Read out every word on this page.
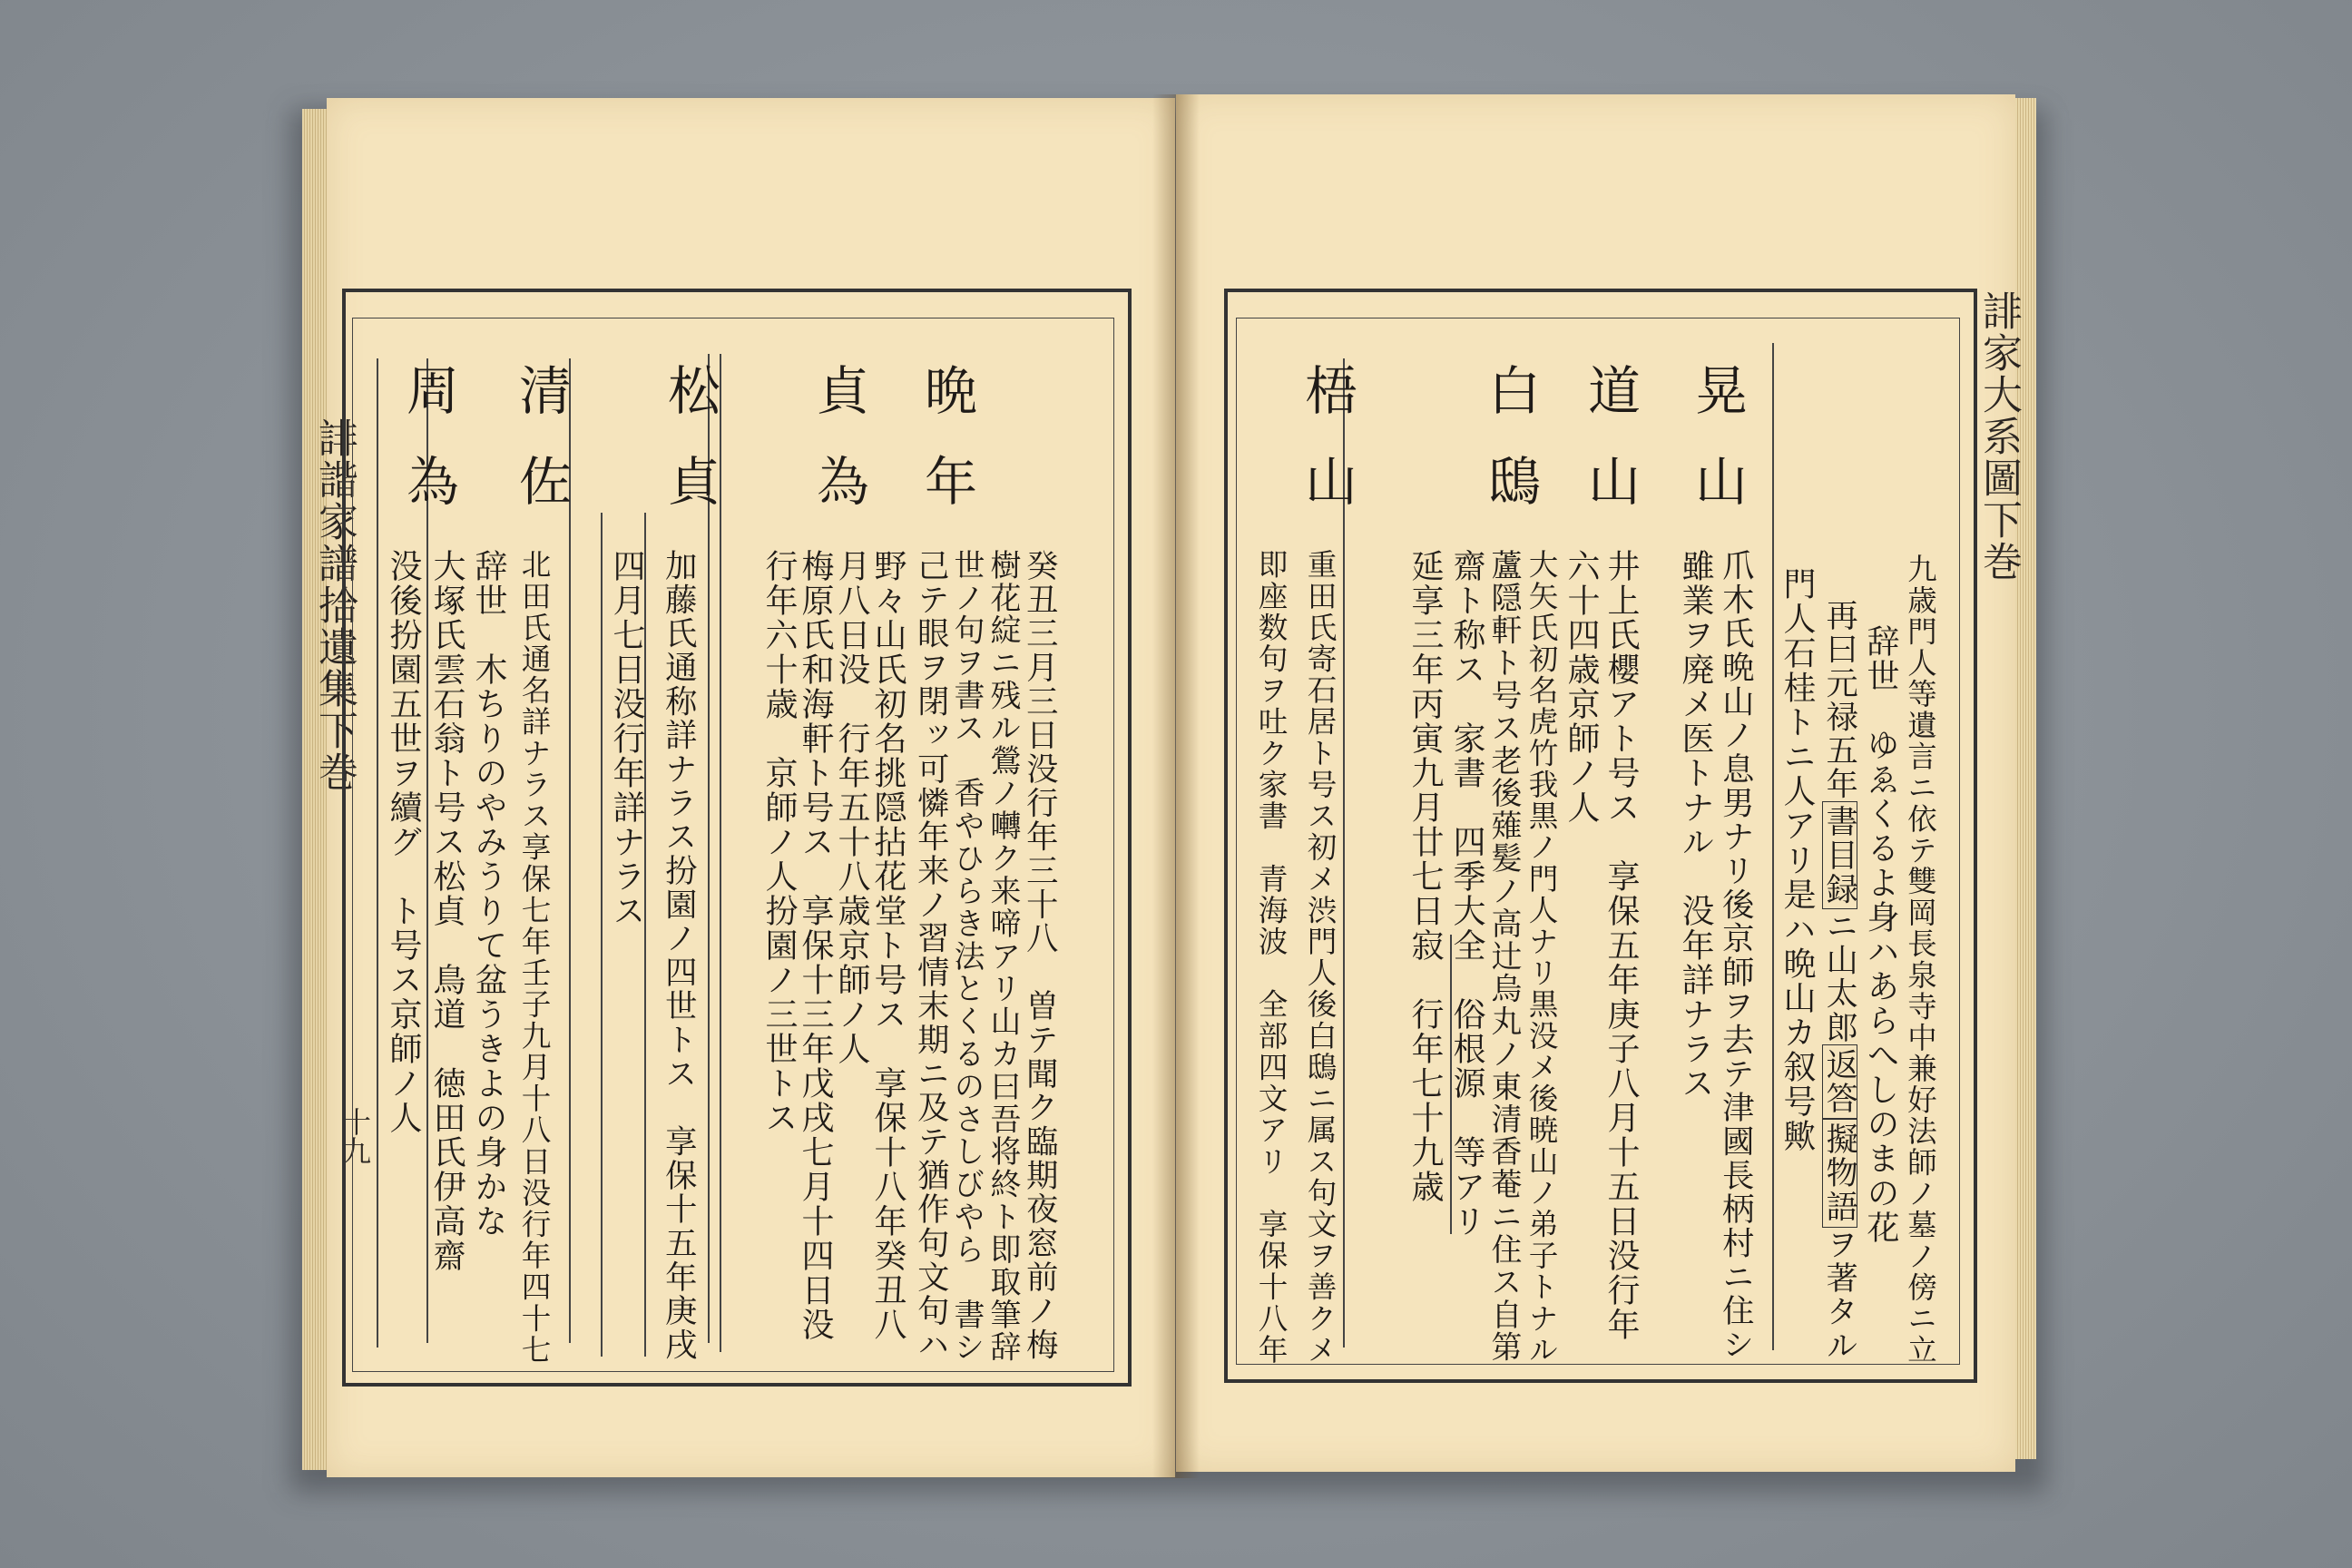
誹諧家譜拾遺集下巻	誹家大系圖下巻
十九
晩年
癸丑三月三日没行年三十八　曽テ聞ク臨期夜窓前ノ梅
樹花綻ニ残ル鶯ノ囀ク来啼アリ山カ曰吾将終ト即取筆辞
世ノ句ヲ書ス　香やひらき法とくるのさしびやら　書シ
己テ眼ヲ閉ッ可憐年来ノ習情末期ニ及テ猶作句文句ハ
貞為
野々山氏初名挑隠拈花堂ト号ス　享保十八年癸丑八
月八日没　行年五十八歳京師ノ人
梅原氏和海軒ト号ス　享保十三年戊戌七月十四日没
行年六十歳　京師ノ人扮園ノ三世トス
松貞
加藤氏通称詳ナラス扮園ノ四世トス　享保十五年庚戌
四月七日没行年詳ナラス
清佐
北田氏通名詳ナラス享保七年壬子九月十八日没行年四十七
辞世　木ちりのやみうりて盆うきよの身かな
周為
大塚氏雲石翁ト号ス松貞　鳥道　徳田氏伊高齋
没後扮園五世ヲ續グ　ト号ス京師ノ人	九歳門人等遺言ニ依テ雙岡長泉寺中兼好法師ノ墓ノ傍ニ立
辞世　ゆゑくるよ身ハあらへしのまの花
再曰元禄五年書目録ニ山太郎返答擬物語ヲ著タル
門人石桂トニ人アリ是ハ晩山カ叙号歟
晃山
爪木氏晩山ノ息男ナリ後京師ヲ去テ津國長柄村ニ住シ
雖業ヲ廃メ医トナル　没年詳ナラス
道山
井上氏櫻アト号ス　享保五年庚子八月十五日没行年
六十四歳京師ノ人
白鴟
大矢氏初名虎竹我黒ノ門人ナリ黒没メ後暁山ノ弟子トナル
蘆隠軒ト号ス老後薙髪ノ高辻烏丸ノ東清香菴ニ住ス自第
齋ト称ス　家書　四季大全　俗根源　等アリ
延享三年丙寅九月廿七日寂　行年七十九歳
梧山
重田氏寄石居ト号ス初メ渋門人後白鴟ニ属ス句文ヲ善クメ
即座数句ヲ吐ク家書　青海波　全部四文アリ　享保十八年
